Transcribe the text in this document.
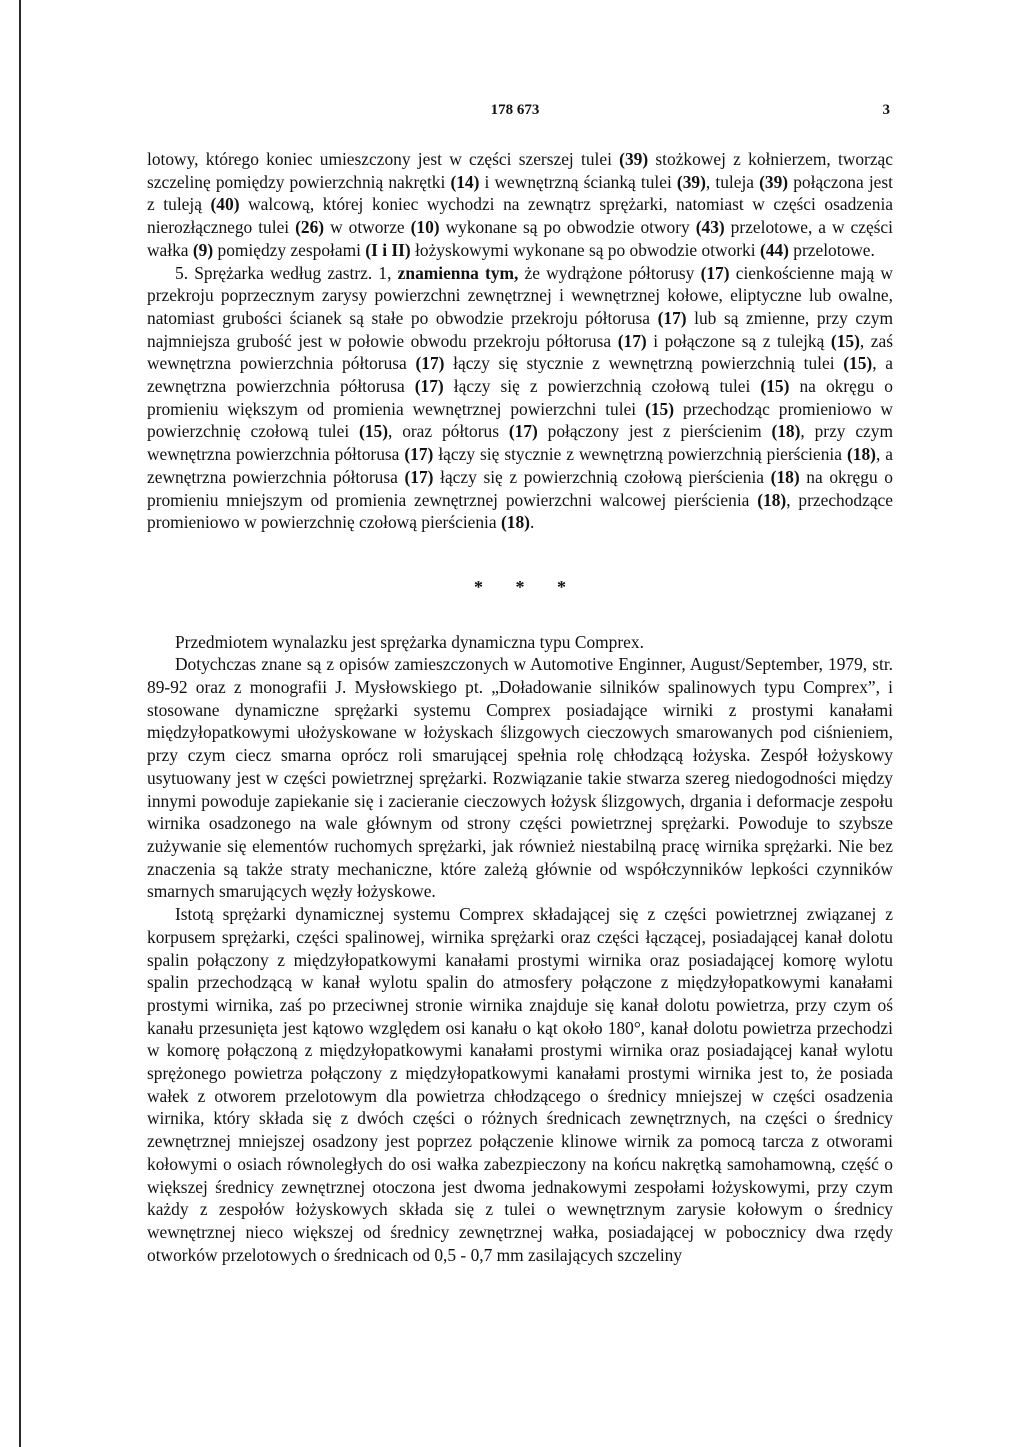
178 673	3

lotowy, którego koniec umieszczony jest w części szerszej tulei (39) stożkowej z kołnierzem, tworząc szczelinę pomiędzy powierzchnią nakrętki (14) i wewnętrzną ścianką tulei (39), tuleja (39) połączona jest z tuleją (40) walcową, której koniec wychodzi na zewnątrz sprężarki, natomiast w części osadzenia nierozłącznego tulei (26) w otworze (10) wykonane są po obwodzie otwory (43) przelotowe, a w części wałka (9) pomiędzy zespołami (I i II) łożyskowymi wykonane są po obwodzie otworki (44) przelotowe.

5. Sprężarka według zastrz. 1, znamienna tym, że wydrążone półtorusy (17) cienkościenne mają w przekroju poprzecznym zarysy powierzchni zewnętrznej i wewnętrznej kołowe, eliptyczne lub owalne, natomiast grubości ścianek są stałe po obwodzie przekroju półtorusa (17) lub są zmienne, przy czym najmniejsza grubość jest w połowie obwodu przekroju półtorusa (17) i połączone są z tulejką (15), zaś wewnętrzna powierzchnia półtorusa (17) łączy się stycznie z wewnętrzną powierzchnią tulei (15), a zewnętrzna powierzchnia półtorusa (17) łączy się z powierzchnią czołową tulei (15) na okręgu o promieniu większym od promienia wewnętrznej powierzchni tulei (15) przechodząc promieniowo w powierzchnię czołową tulei (15), oraz półtorus (17) połączony jest z pierścienim (18), przy czym wewnętrzna powierzchnia półtorusa (17) łączy się stycznie z wewnętrzną powierzchnią pierścienia (18), a zewnętrzna powierzchnia półtorusa (17) łączy się z powierzchnią czołową pierścienia (18) na okręgu o promieniu mniejszym od promienia zewnętrznej powierzchni walcowej pierścienia (18), przechodzące promieniowo w powierzchnię czołową pierścienia (18).

* * *

Przedmiotem wynalazku jest sprężarka dynamiczna typu Comprex.

Dotychczas znane są z opisów zamieszczonych w Automotive Enginner, August/September, 1979, str. 89-92 oraz z monografii J. Mysłowskiego pt. „Doładowanie silników spalinowych typu Comprex”, i stosowane dynamiczne sprężarki systemu Comprex posiadające wirniki z prostymi kanałami międzyłopatkowymi ułożyskowane w łożyskach ślizgowych cieczowych smarowanych pod ciśnieniem, przy czym ciecz smarna oprócz roli smarującej spełnia rolę chłodzącą łożyska. Zespół łożyskowy usytuowany jest w części powietrznej sprężarki. Rozwiązanie takie stwarza szereg niedogodności między innymi powoduje zapiekanie się i zacieranie cieczowych łożysk ślizgowych, drgania i deformacje zespołu wirnika osadzonego na wale głównym od strony części powietrznej sprężarki. Powoduje to szybsze zużywanie się elementów ruchomych sprężarki, jak również niestabilną pracę wirnika sprężarki. Nie bez znaczenia są także straty mechaniczne, które zależą głównie od współczynników lepkości czynników smarnych smarujących węzły łożyskowe.

Istotą sprężarki dynamicznej systemu Comprex składającej się z części powietrznej związanej z korpusem sprężarki, części spalinowej, wirnika sprężarki oraz części łączącej, posiadającej kanał dolotu spalin połączony z międzyłopatkowymi kanałami prostymi wirnika oraz posiadającej komorę wylotu spalin przechodzącą w kanał wylotu spalin do atmosfery połączone z międzyłopatkowymi kanałami prostymi wirnika, zaś po przeciwnej stronie wirnika znajduje się kanał dolotu powietrza, przy czym oś kanału przesunięta jest kątowo względem osi kanału o kąt około 180°, kanał dolotu powietrza przechodzi w komorę połączoną z międzyłopatkowymi kanałami prostymi wirnika oraz posiadającej kanał wylotu sprężonego powietrza połączony z międzyłopatkowymi kanałami prostymi wirnika jest to, że posiada wałek z otworem przelotowym dla powietrza chłodzącego o średnicy mniejszej w części osadzenia wirnika, który składa się z dwóch części o różnych średnicach zewnętrznych, na części o średnicy zewnętrznej mniejszej osadzony jest poprzez połączenie klinowe wirnik za pomocą tarcza z otworami kołowymi o osiach równoległych do osi wałka zabezpieczony na końcu nakrętką samohamowną, część o większej średnicy zewnętrznej otoczona jest dwoma jednakowymi zespołami łożyskowymi, przy czym każdy z zespołów łożyskowych składa się z tulei o wewnętrznym zarysie kołowym o średnicy wewnętrznej nieco większej od średnicy zewnętrznej wałka, posiadającej w pobocznicy dwa rzędy otworków przelotowych o średnicach od 0,5 - 0,7 mm zasilających szczeliny
